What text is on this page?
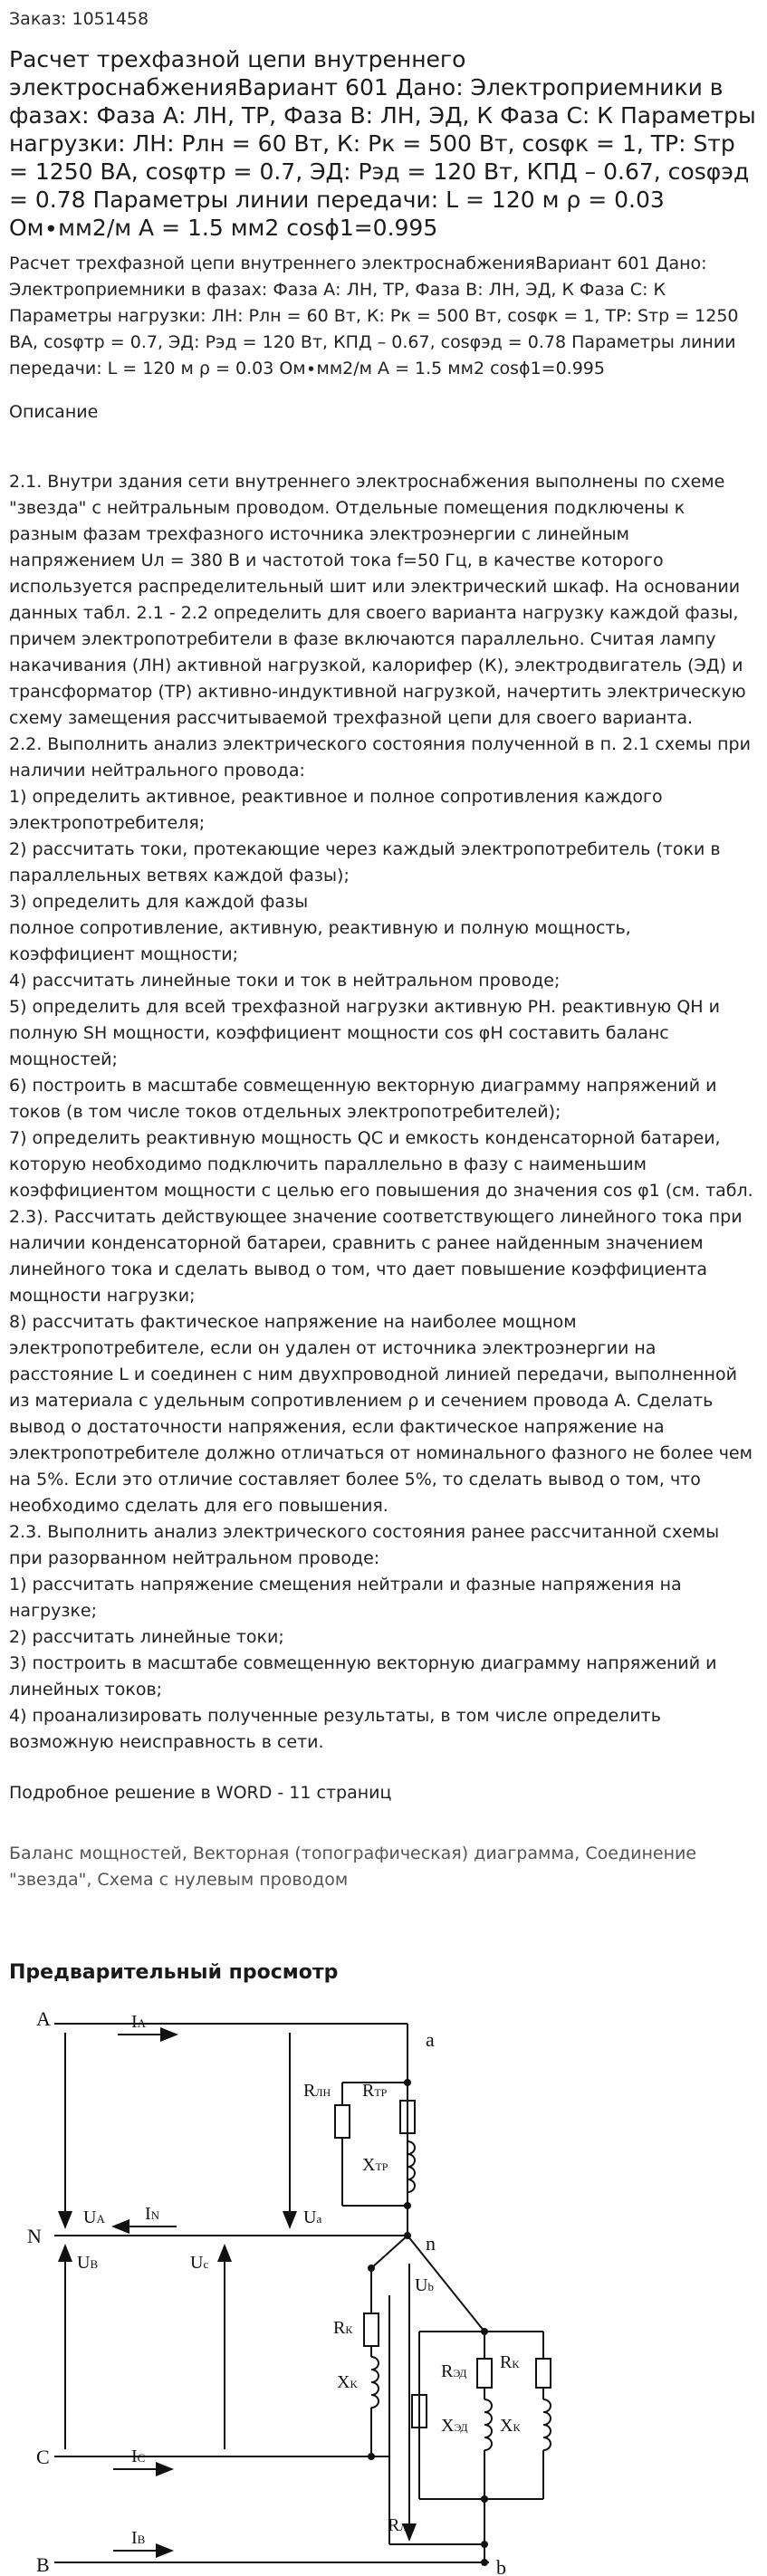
Заказ: 1051458
Расчет трехфазной цепи внутреннего электроснабженияВариант 601 Дано: Электроприемники в фазах: Фаза А: ЛН, ТР, Фаза В: ЛН, ЭД, К Фаза С: К Параметры нагрузки: ЛН: Рлн = 60 Вт, К: Рк = 500 Вт, cosφк = 1, ТР: Sтр = 1250 ВА, cosφтр = 0.7, ЭД: Рэд = 120 Вт, КПД – 0.67, cosφэд = 0.78 Параметры линии передачи: L = 120 м ρ = 0.03 Ом∙мм2/м А = 1.5 мм2 cosϕ1=0.995
Расчет трехфазной цепи внутреннего электроснабженияВариант 601 Дано: Электроприемники в фазах: Фаза А: ЛН, ТР, Фаза В: ЛН, ЭД, К Фаза С: К Параметры нагрузки: ЛН: Рлн = 60 Вт, К: Рк = 500 Вт, cosφк = 1, ТР: Sтр = 1250 ВА, cosφтр = 0.7, ЭД: Рэд = 120 Вт, КПД – 0.67, cosφэд = 0.78 Параметры линии передачи: L = 120 м ρ = 0.03 Ом∙мм2/м А = 1.5 мм2 cosϕ1=0.995
Описание

2.1. Внутри здания сети внутреннего электроснабжения выполнены по схеме "звезда" с нейтральным проводом. Отдельные помещения подключены к разным фазам трехфазного источника электроэнергии с линейным напряжением Uл = 380 В и частотой тока f=50 Гц, в качестве которого используется распределительный шит или электрический шкаф. На основании данных табл. 2.1 - 2.2 определить для своего варианта нагрузку каждой фазы, причем электропотребители в фазе включаются параллельно. Считая лампу накачивания (ЛН) активной нагрузкой, калорифер (К), электродвигатель (ЭД) и трансформатор (ТР) активно-индуктивной нагрузкой, начертить электрическую схему замещения рассчитываемой трехфазной цепи для своего варианта.

2.2. Выполнить анализ электрического состояния полученной в п. 2.1 схемы при наличии нейтрального провода:

1) определить активное, реактивное и полное сопротивления каждого электропотребителя;

2) рассчитать токи, протекающие через каждый электропотребитель (токи в параллельных ветвях каждой фазы);

3) определить для каждой фазы

полное сопротивление, активную, реактивную и полную мощность, коэффициент мощности;

4) рассчитать линейные токи и ток в нейтральном проводе;

5) определить для всей трехфазной нагрузки активную PH. реактивную QH и полную SH мощности, коэффициент мощности cos φH составить баланс мощностей;

6) построить в масштабе совмещенную векторную диаграмму напряжений и токов (в том числе токов отдельных электропотребителей);

7) определить реактивную мощность QC и емкость конденсаторной батареи, которую необходимо подключить параллельно в фазу с наименьшим коэффициентом мощности с целью его повышения до значения cos φ1 (см. табл. 2.3). Рассчитать действующее значение соответствующего линейного тока при наличии конденсаторной батареи, сравнить с ранее найденным значением линейного тока и сделать вывод о том, что дает повышение коэффициента мощности нагрузки;

8) рассчитать фактическое напряжение на наиболее мощном электропотребителе, если он удален от источника электроэнергии на расстояние L и соединен с ним двухпроводной линией передачи, выполненной из материала с удельным сопротивлением ρ и сечением провода A. Сделать вывод о достаточности напряжения, если фактическое напряжение на электропотребителе должно отличаться от номинального фазного не более чем на 5%. Если это отличие составляет более 5%, то сделать вывод о том, что необходимо сделать для его повышения.

2.3. Выполнить анализ электрического состояния ранее рассчитанной схемы при разорванном нейтральном проводе:

1) рассчитать напряжение смещения нейтрали и фазные напряжения на нагрузке;

2) рассчитать линейные токи;

3) построить в масштабе совмещенную векторную диаграмму напряжений и линейных токов;

4) проанализировать полученные результаты, в том числе определить возможную неисправность в сети.

Подробное решение в WORD - 11 страниц
Баланс мощностей, Векторная (топографическая) диаграмма, Соединение "звезда", Схема с нулевым проводом
Предварительный просмотр
A
N
C
B
a
n
b
IA
IN
IC
IB
UA	Ua
UB	Uc
Ub
RЛН RТР
XТР
RК
XК
RЭД
XЭД
RК
XК
RЛН
